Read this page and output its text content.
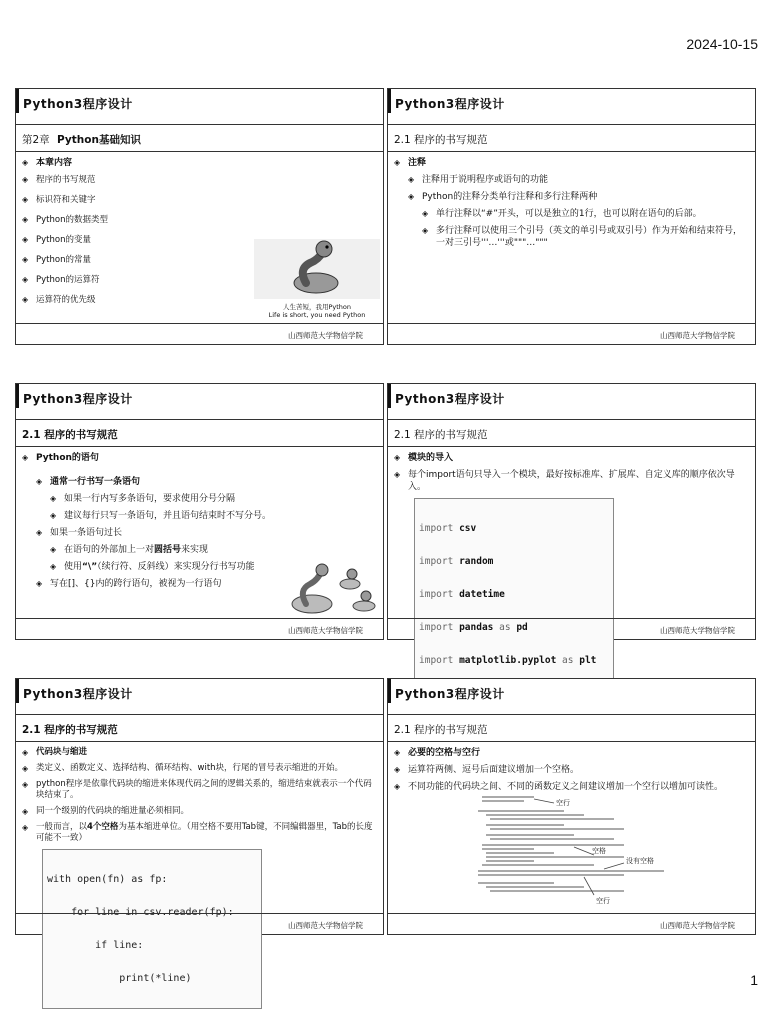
2024-10-15
Python3程序设计
第2章 Python基础知识
◈ 本章内容
◈ 程序的书写规范
◈ 标识符和关键字
◈ Python的数据类型
◈ Python的变量
◈ Python的常量
◈ Python的运算符
◈ 运算符的优先级
人生苦短，我用Python
Life is short, you need Python
山西师范大学物信学院
Python3程序设计
2.1 程序的书写规范
◈ 注释
◈ 注释用于说明程序或语句的功能
◈ Python的注释分类单行注释和多行注释两种
◈ 单行注释以“#”开头，可以是独立的1行，也可以附在语句的后部。
◈ 多行注释可以使用三个引号（英文的单引号或双引号）作为开始和结束符号，一对三引号'''…'''或"""…"""
山西师范大学物信学院
Python3程序设计
2.1 程序的书写规范
◈ Python的语句
◈ 通常一行书写一条语句
◈ 如果一行内写多条语句，要求使用分号分隔
◈ 建议每行只写一条语句，并且语句结束时不写分号。
◈ 如果一条语句过长
◈ 在语句的外部加上一对圆括号来实现
◈ 使用“\”（续行符、反斜线）来实现分行书写功能
◈ 写在[]、{}内的跨行语句，被视为一行语句
山西师范大学物信学院
Python3程序设计
2.1 程序的书写规范
◈ 模块的导入
◈ 每个import语句只导入一个模块，最好按标准库、扩展库、自定义库的顺序依次导入。

import csv

import random

import datetime

import pandas as pd

import matplotlib.pyplot as plt

山西师范大学物信学院
Python3程序设计
2.1 程序的书写规范
◈ 代码块与缩进
◈ 类定义、函数定义、选择结构、循环结构、with块，行尾的冒号表示缩进的开始。
◈ python程序是依靠代码块的缩进来体现代码之间的逻辑关系的，缩进结束就表示一个代码块结束了。
◈ 同一个级别的代码块的缩进量必须相同。
◈ 一般而言，以4个空格为基本缩进单位。（用空格不要用Tab键，不同编辑器里，Tab的长度可能不一致）

with open(fn) as fp:

for line in csv.reader(fp):

if line:

print(*line)

山西师范大学物信学院
Python3程序设计
2.1 程序的书写规范
◈ 必要的空格与空行
◈ 运算符两侧、逗号后面建议增加一个空格。
◈ 不同功能的代码块之间、不同的函数定义之间建议增加一个空行以增加可读性。
空行
空格
没有空格
空行
山西师范大学物信学院
1
